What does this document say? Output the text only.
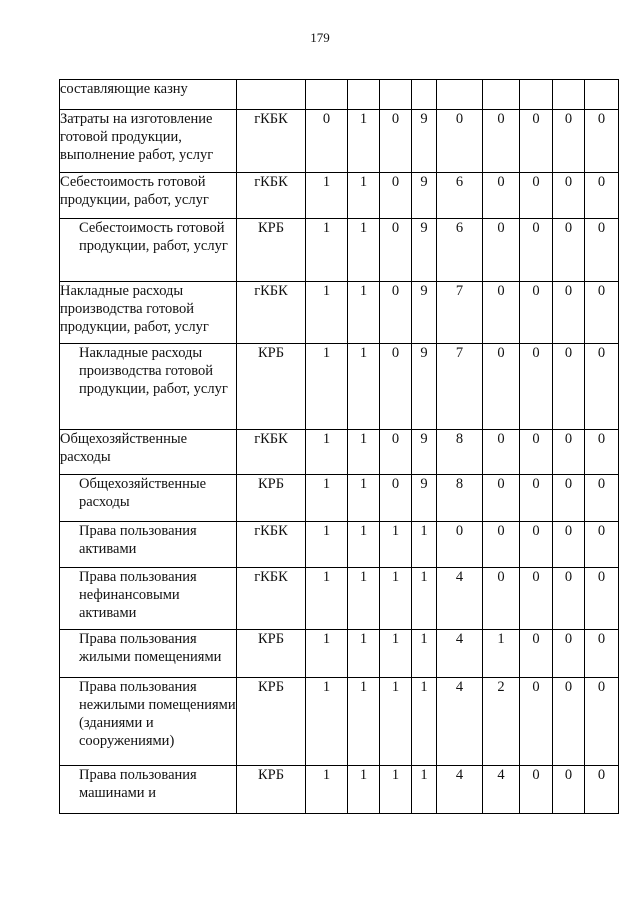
179
составляющие казну										
Затраты на изготовление готовой продукции, выполнение работ, услуг	гКБК	0	1	0	9	0	0	0	0	0
Себестоимость готовой продукции, работ, услуг	гКБК	1	1	0	9	6	0	0	0	0
Себестоимость готовой продукции, работ, услуг	КРБ	1	1	0	9	6	0	0	0	0
Накладные расходы производства готовой продукции, работ, услуг	гКБК	1	1	0	9	7	0	0	0	0
Накладные расходы производства готовой продукции, работ, услуг	КРБ	1	1	0	9	7	0	0	0	0
Общехозяйственные расходы	гКБК	1	1	0	9	8	0	0	0	0
Общехозяйственные расходы	КРБ	1	1	0	9	8	0	0	0	0
Права пользования активами	гКБК	1	1	1	1	0	0	0	0	0
Права пользования нефинансовыми активами	гКБК	1	1	1	1	4	0	0	0	0
Права пользования жилыми помещениями	КРБ	1	1	1	1	4	1	0	0	0
Права пользования нежилыми помещениями (зданиями и сооружениями)	КРБ	1	1	1	1	4	2	0	0	0
Права пользования машинами и	КРБ	1	1	1	1	4	4	0	0	0
